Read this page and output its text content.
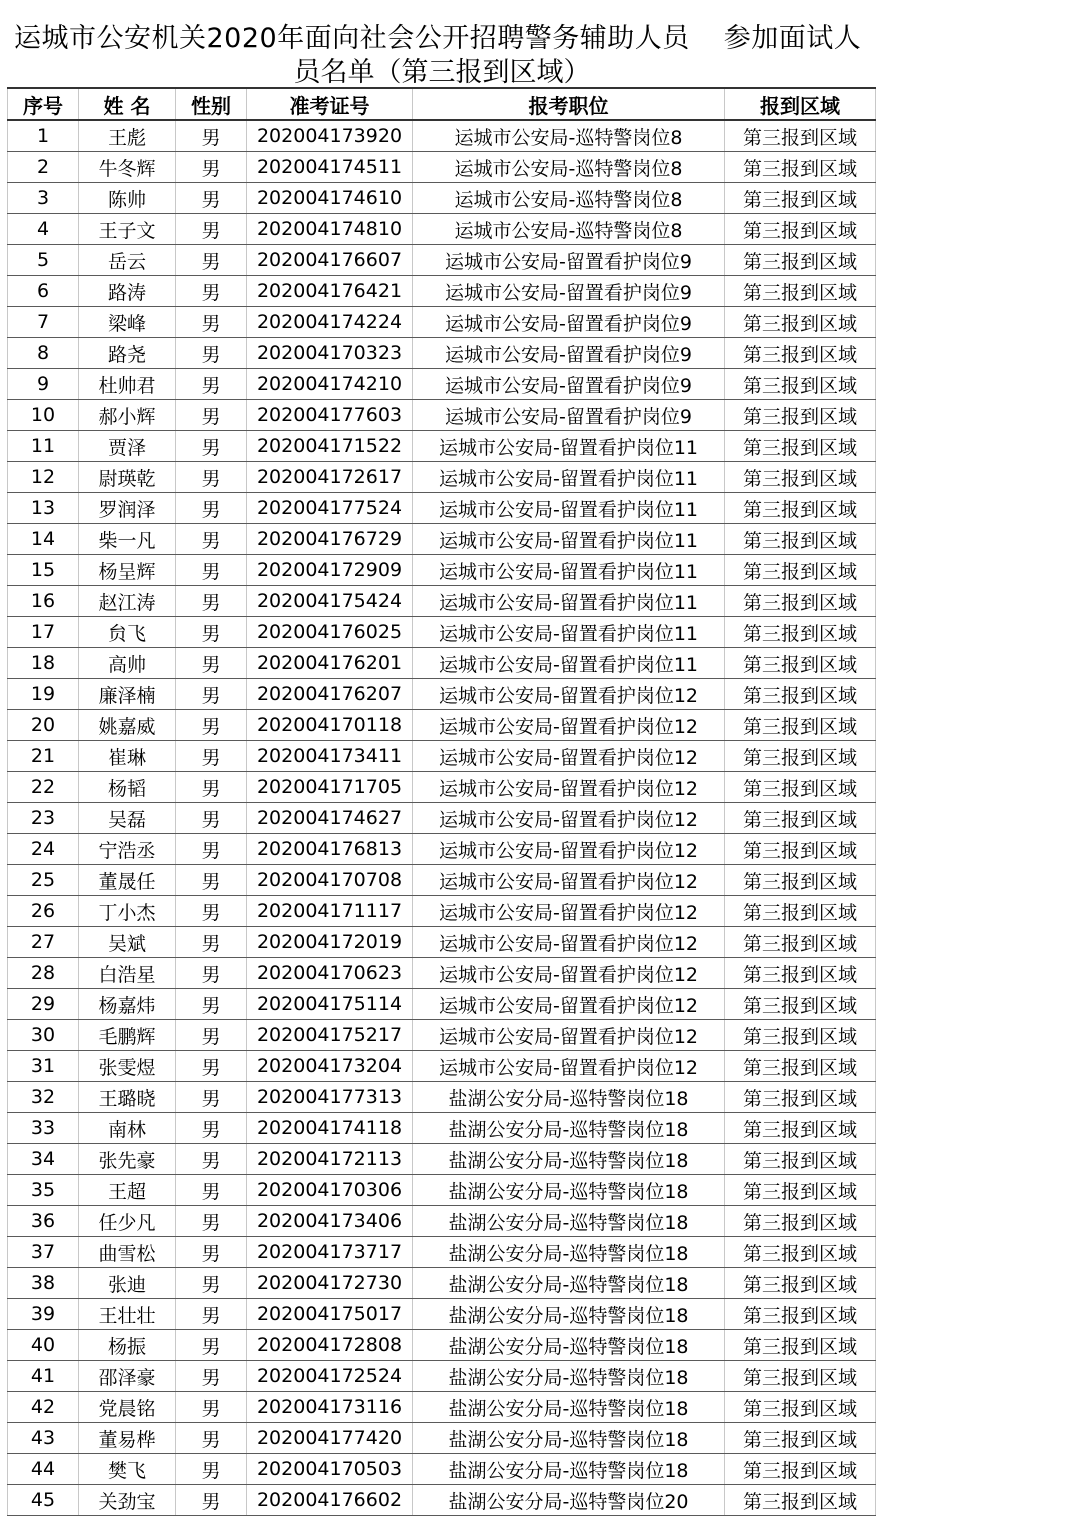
运城市公安机关2020年面向社会公开招聘警务辅助人员 参加面试人
员名单（第三报到区域）
序号	姓 名	性别	准考证号	报考职位	报到区域
1	王彪	男	202004173920	运城市公安局-巡特警岗位8	第三报到区域
2	牛冬辉	男	202004174511	运城市公安局-巡特警岗位8	第三报到区域
3	陈帅	男	202004174610	运城市公安局-巡特警岗位8	第三报到区域
4	王子文	男	202004174810	运城市公安局-巡特警岗位8	第三报到区域
5	岳云	男	202004176607	运城市公安局-留置看护岗位9	第三报到区域
6	路涛	男	202004176421	运城市公安局-留置看护岗位9	第三报到区域
7	梁峰	男	202004174224	运城市公安局-留置看护岗位9	第三报到区域
8	路尧	男	202004170323	运城市公安局-留置看护岗位9	第三报到区域
9	杜帅君	男	202004174210	运城市公安局-留置看护岗位9	第三报到区域
10	郝小辉	男	202004177603	运城市公安局-留置看护岗位9	第三报到区域
11	贾泽	男	202004171522	运城市公安局-留置看护岗位11	第三报到区域
12	尉瑛乾	男	202004172617	运城市公安局-留置看护岗位11	第三报到区域
13	罗润泽	男	202004177524	运城市公安局-留置看护岗位11	第三报到区域
14	柴一凡	男	202004176729	运城市公安局-留置看护岗位11	第三报到区域
15	杨呈辉	男	202004172909	运城市公安局-留置看护岗位11	第三报到区域
16	赵江涛	男	202004175424	运城市公安局-留置看护岗位11	第三报到区域
17	贠飞	男	202004176025	运城市公安局-留置看护岗位11	第三报到区域
18	高帅	男	202004176201	运城市公安局-留置看护岗位11	第三报到区域
19	廉泽楠	男	202004176207	运城市公安局-留置看护岗位12	第三报到区域
20	姚嘉威	男	202004170118	运城市公安局-留置看护岗位12	第三报到区域
21	崔琳	男	202004173411	运城市公安局-留置看护岗位12	第三报到区域
22	杨韬	男	202004171705	运城市公安局-留置看护岗位12	第三报到区域
23	吴磊	男	202004174627	运城市公安局-留置看护岗位12	第三报到区域
24	宁浩丞	男	202004176813	运城市公安局-留置看护岗位12	第三报到区域
25	董晟任	男	202004170708	运城市公安局-留置看护岗位12	第三报到区域
26	丁小杰	男	202004171117	运城市公安局-留置看护岗位12	第三报到区域
27	吴斌	男	202004172019	运城市公安局-留置看护岗位12	第三报到区域
28	白浩星	男	202004170623	运城市公安局-留置看护岗位12	第三报到区域
29	杨嘉炜	男	202004175114	运城市公安局-留置看护岗位12	第三报到区域
30	毛鹏辉	男	202004175217	运城市公安局-留置看护岗位12	第三报到区域
31	张雯煜	男	202004173204	运城市公安局-留置看护岗位12	第三报到区域
32	王璐晓	男	202004177313	盐湖公安分局-巡特警岗位18	第三报到区域
33	南林	男	202004174118	盐湖公安分局-巡特警岗位18	第三报到区域
34	张先豪	男	202004172113	盐湖公安分局-巡特警岗位18	第三报到区域
35	王超	男	202004170306	盐湖公安分局-巡特警岗位18	第三报到区域
36	任少凡	男	202004173406	盐湖公安分局-巡特警岗位18	第三报到区域
37	曲雪松	男	202004173717	盐湖公安分局-巡特警岗位18	第三报到区域
38	张迪	男	202004172730	盐湖公安分局-巡特警岗位18	第三报到区域
39	王壮壮	男	202004175017	盐湖公安分局-巡特警岗位18	第三报到区域
40	杨振	男	202004172808	盐湖公安分局-巡特警岗位18	第三报到区域
41	邵泽豪	男	202004172524	盐湖公安分局-巡特警岗位18	第三报到区域
42	党晨铭	男	202004173116	盐湖公安分局-巡特警岗位18	第三报到区域
43	董易桦	男	202004177420	盐湖公安分局-巡特警岗位18	第三报到区域
44	樊飞	男	202004170503	盐湖公安分局-巡特警岗位18	第三报到区域
45	关劲宝	男	202004176602	盐湖公安分局-巡特警岗位20	第三报到区域
